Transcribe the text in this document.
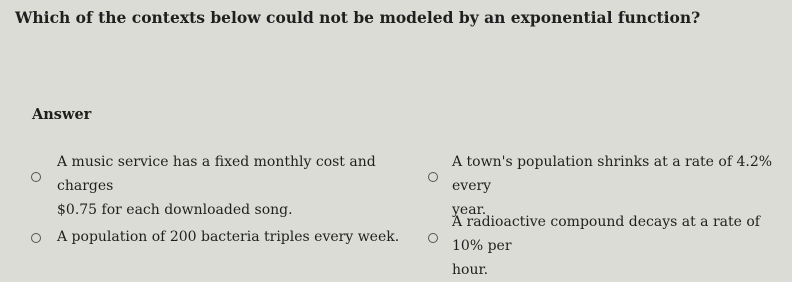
Which of the contexts below could not be modeled by an exponential function?
Answer
A music service has a fixed monthly cost and charges
$0.75 for each downloaded song.
A town's population shrinks at a rate of 4.2% every
year.
A population of 200 bacteria triples every week.
A radioactive compound decays at a rate of 10% per
hour.
